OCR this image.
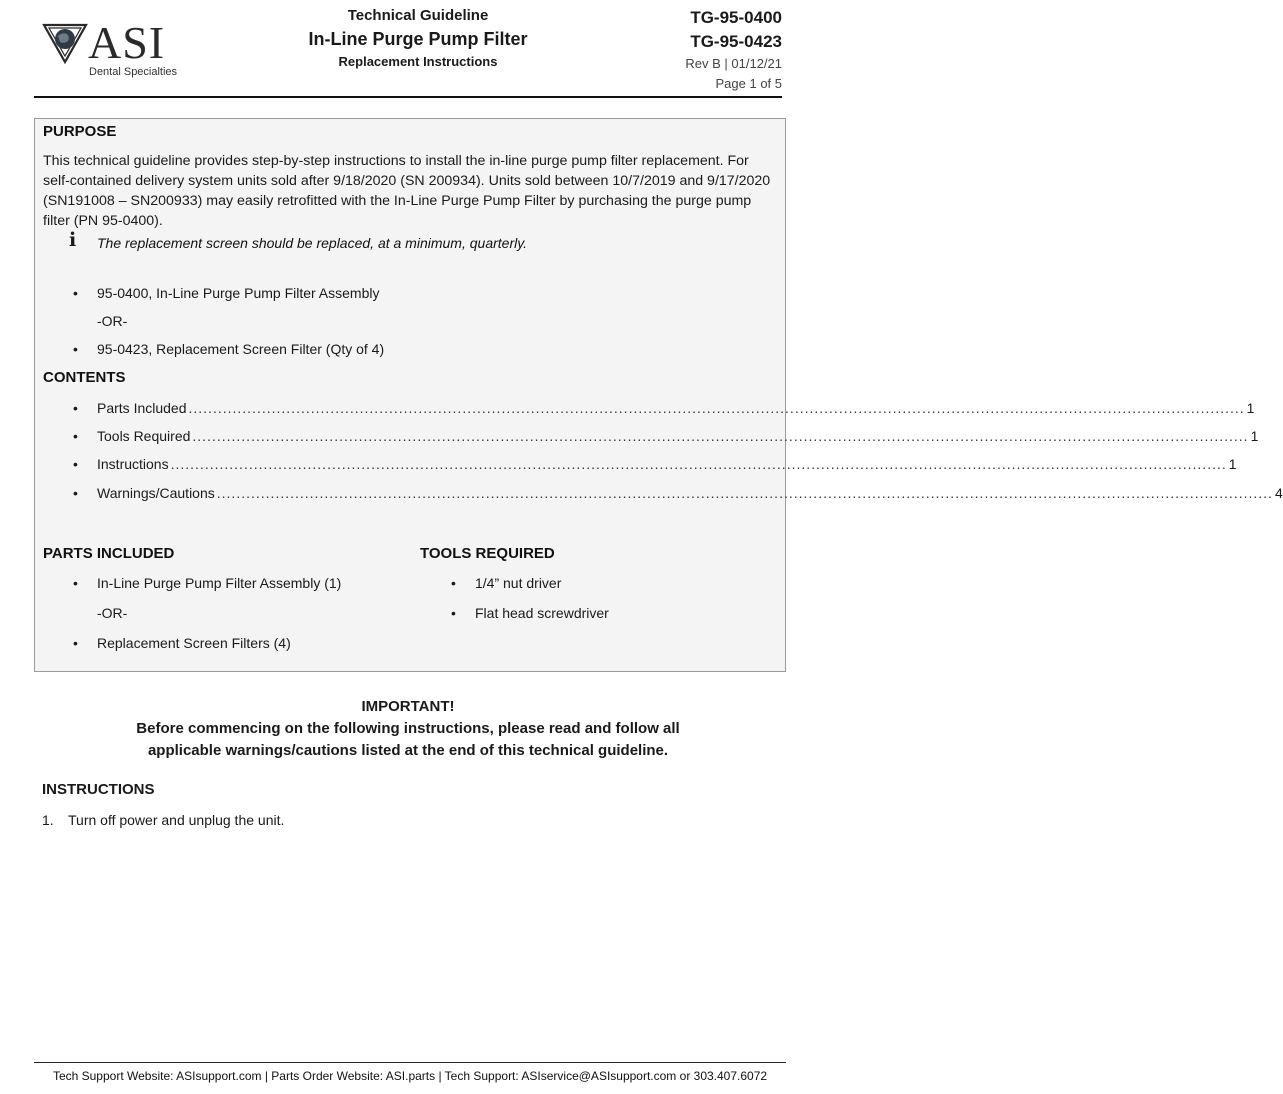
ASI
Dental Specialties
Technical Guideline
In-Line Purge Pump Filter
Replacement Instructions
TG-95-0400
TG-95-0423
Rev B | 01/12/21
Page 1 of 5
PURPOSE
This technical guideline provides step-by-step instructions to install the in-line purge pump filter replacement. For self-contained delivery system units sold after 9/18/2020 (SN 200934). Units sold between 10/7/2019 and 9/17/2020 (SN191008 – SN200933) may easily retrofitted with the In-Line Purge Pump Filter by purchasing the purge pump filter (PN 95-0400).
i The replacement screen should be replaced, at a minimum, quarterly.
• 95-0400, In-Line Purge Pump Filter Assembly
-OR-
• 95-0423, Replacement Screen Filter (Qty of 4)
CONTENTS
• Parts Included ........................................................................................................................................................................................................................ 1
• Tools Required ........................................................................................................................................................................................................................ 1
• Instructions ........................................................................................................................................................................................................................ 1
• Warnings/Cautions ........................................................................................................................................................................................................................ 4
PARTS INCLUDED
• In-Line Purge Pump Filter Assembly (1)
-OR-
• Replacement Screen Filters (4)
TOOLS REQUIRED
• 1/4” nut driver
• Flat head screwdriver
IMPORTANT!
Before commencing on the following instructions, please read and follow all
applicable warnings/cautions listed at the end of this technical guideline.
INSTRUCTIONS
1. Turn off power and unplug the unit.
Tech Support Website: ASIsupport.com | Parts Order Website: ASI.parts | Tech Support: ASIservice@ASIsupport.com or 303.407.6072
